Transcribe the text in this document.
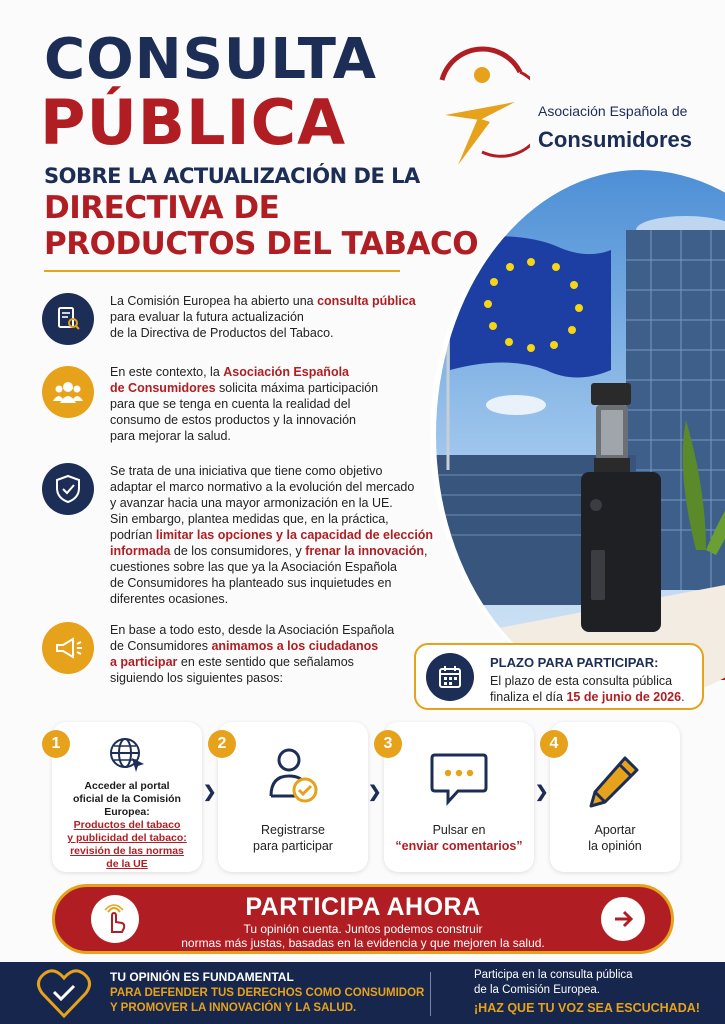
CONSULTA
PÚBLICA
SOBRE LA ACTUALIZACIÓN DE LA
DIRECTIVA DE
PRODUCTOS DEL TABACO
Asociación Española de
Consumidores
La Comisión Europea ha abierto una consulta pública
para evaluar la futura actualización
de la Directiva de Productos del Tabaco.
En este contexto, la Asociación Española
de Consumidores solicita máxima participación
para que se tenga en cuenta la realidad del
consumo de estos productos y la innovación
para mejorar la salud.
Se trata de una iniciativa que tiene como objetivo
adaptar el marco normativo a la evolución del mercado
y avanzar hacia una mayor armonización en la UE.
Sin embargo, plantea medidas que, en la práctica,
podrían limitar las opciones y la capacidad de elección
informada de los consumidores, y frenar la innovación,
cuestiones sobre las que ya la Asociación Española
de Consumidores ha planteado sus inquietudes en
diferentes ocasiones.
En base a todo esto, desde la Asociación Española
de Consumidores animamos a los ciudadanos
a participar en este sentido que señalamos
siguiendo los siguientes pasos:
PLAZO PARA PARTICIPAR:
El plazo de esta consulta pública
finaliza el día 15 de junio de 2026.
1
Acceder al portal
oficial de la Comisión
Europea:
Productos del tabaco
y publicidad del tabaco:
revisión de las normas
de la UE
❯
2
Registrarse
para participar
❯
3
Pulsar en
“enviar comentarios”
❯
4
Aportar
la opinión
PARTICIPA AHORA
Tu opinión cuenta. Juntos podemos construir
normas más justas, basadas en la evidencia y que mejoren la salud.
TU OPINIÓN ES FUNDAMENTAL
PARA DEFENDER TUS DERECHOS COMO CONSUMIDOR
Y PROMOVER LA INNOVACIÓN Y LA SALUD.
Participa en la consulta pública
de la Comisión Europea.
¡HAZ QUE TU VOZ SEA ESCUCHADA!
